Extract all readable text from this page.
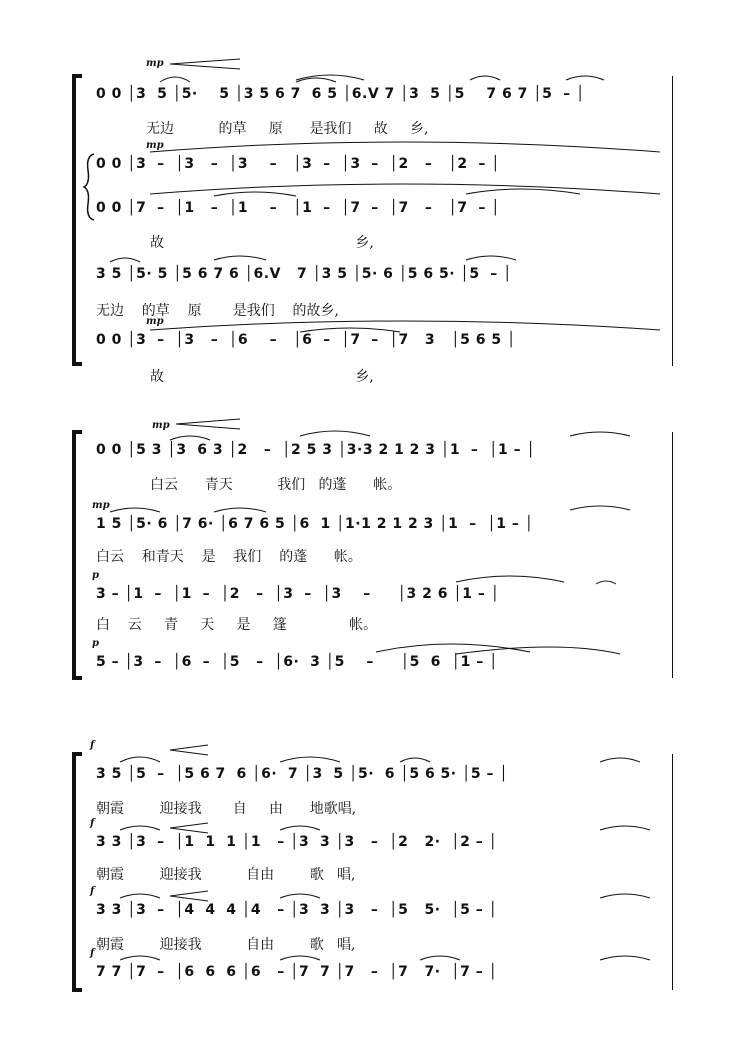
mp
0 0 │3  5 │5·    5 │3 5 6 7  6 5 │6.V 7 │3  5 │5    7 6 7 │5  – │
无边          的草     原      是我们     故     乡,
mp
0 0 │3  –  │3   –  │3    –   │3  –  │3  –  │2   –   │2  – │
0 0 │7  –  │1   –  │1    –   │1  –  │7  –  │7   –   │7  – │
故                                           乡,
3 5 │5· 5 │5 6 7 6 │6.V   7 │3 5 │5· 6 │5 6 5· │5  – │
无边    的草    原       是我们    的故乡,
mp
0 0 │3  –  │3   –  │6    –   │6  –  │7  –  │7   3   │5 6 5 │
故                                           乡,
mp
0 0 │5 3 │3  6 3 │2   –  │2 5 3 │3·3 2 1 2 3 │1  –  │1 – │
白云      青天          我们   的蓬      帐。
mp
1 5 │5· 6 │7 6· │6 7 6 5 │6  1 │1·1 2 1 2 3 │1  –  │1 – │
白云    和青天    是    我们    的蓬      帐。
p
3 – │1  –  │1  –  │2   –  │3  –  │3    –     │3 2 6 │1 – │
白    云     青     天     是     篷              帐。
p
5 – │3  –  │6  –  │5   –  │6·  3 │5    –     │5  6  │1 – │
f
3 5 │5  –  │5 6 7  6 │6·  7 │3  5 │5·  6 │5 6 5· │5 – │
朝霞        迎接我       自     由      地歌唱,
f
3 3 │3  –  │1  1  1 │1   – │3  3 │3   –  │2   2·  │2 – │
朝霞        迎接我          自由        歌   唱,
f
3 3 │3  –  │4  4  4 │4   – │3  3 │3   –  │5   5·  │5 – │
朝霞        迎接我          自由        歌   唱,
f
7 7 │7  –  │6  6  6 │6   – │7  7 │7   –  │7   7·  │7 – │
